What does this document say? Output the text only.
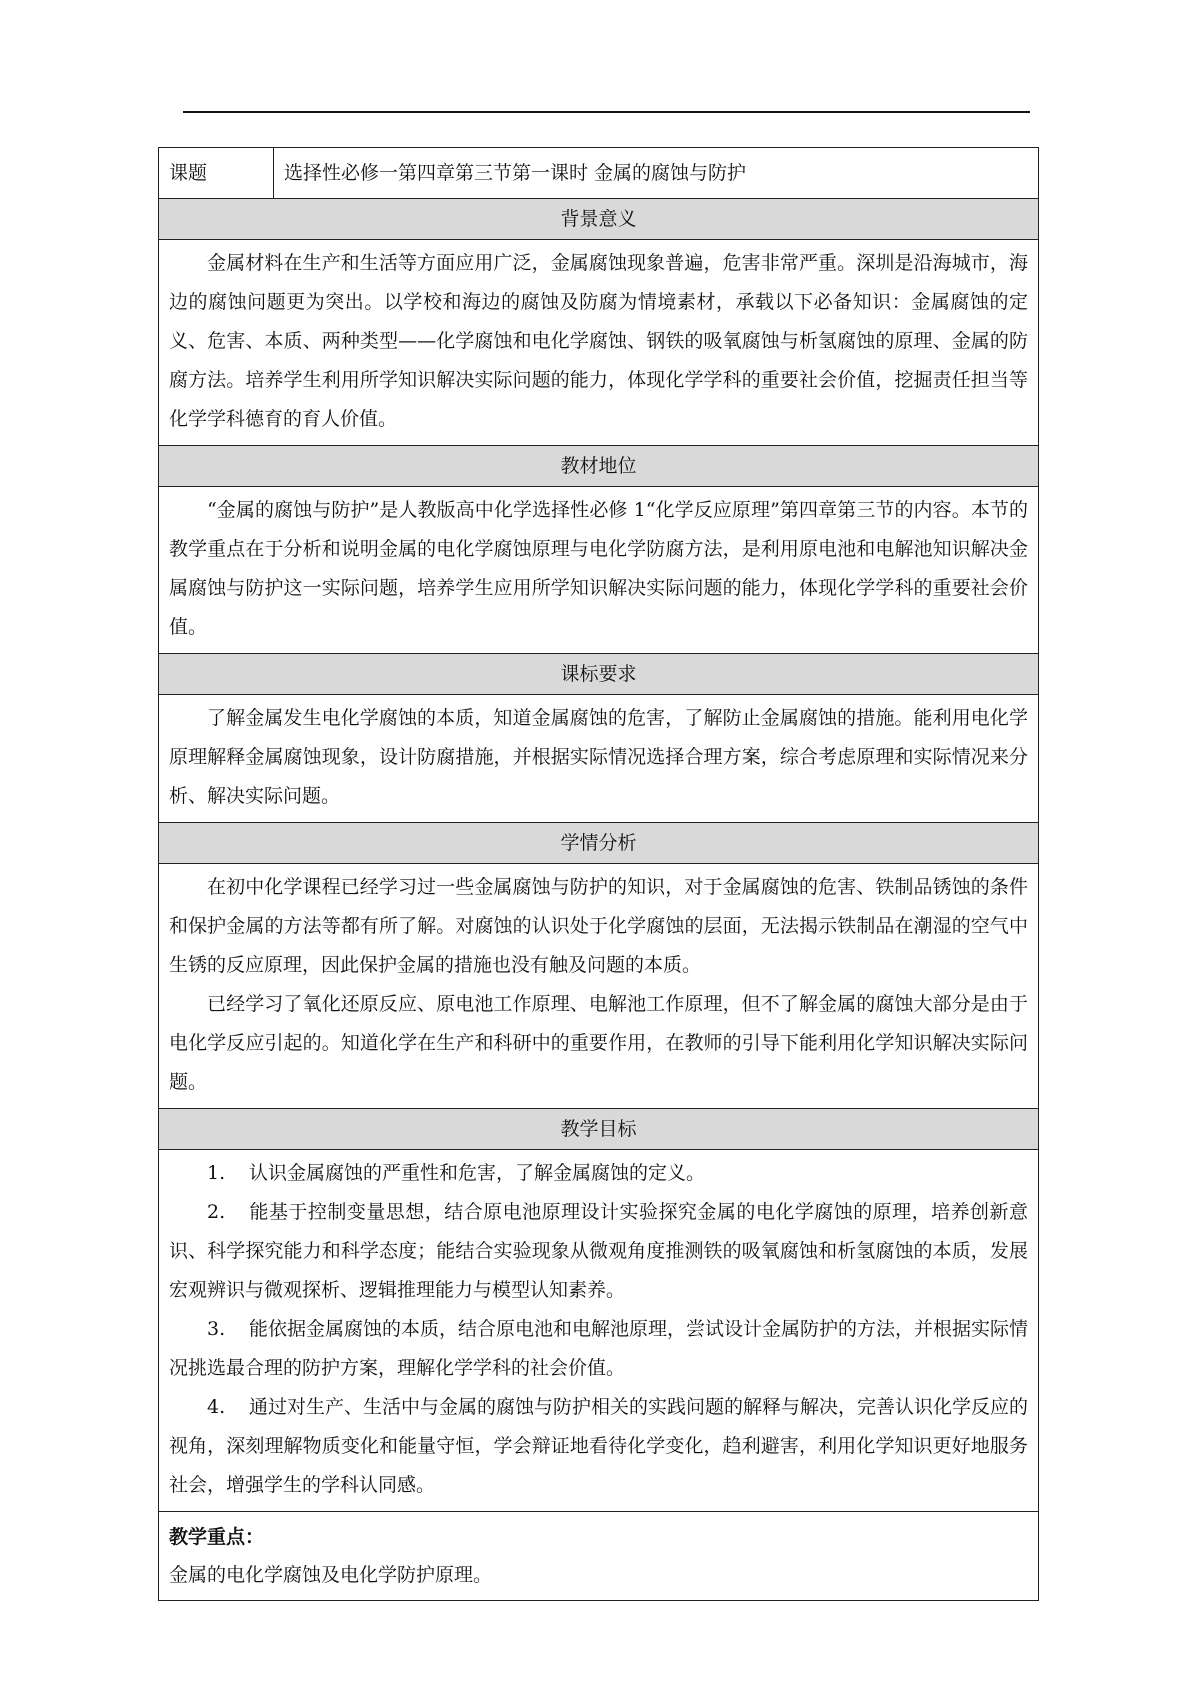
课题	选择性必修一第四章第三节第一课时 金属的腐蚀与防护
背景意义

金属材料在生产和生活等方面应用广泛，金属腐蚀现象普遍，危害非常严重。深圳是沿海城市，海边的腐蚀问题更为突出。以学校和海边的腐蚀及防腐为情境素材，承载以下必备知识：金属腐蚀的定义、危害、本质、两种类型——化学腐蚀和电化学腐蚀、钢铁的吸氧腐蚀与析氢腐蚀的原理、金属的防腐方法。培养学生利用所学知识解决实际问题的能力，体现化学学科的重要社会价值，挖掘责任担当等化学学科德育的育人价值。

教材地位

“金属的腐蚀与防护”是人教版高中化学选择性必修 1“化学反应原理”第四章第三节的内容。本节的教学重点在于分析和说明金属的电化学腐蚀原理与电化学防腐方法，是利用原电池和电解池知识解决金属腐蚀与防护这一实际问题，培养学生应用所学知识解决实际问题的能力，体现化学学科的重要社会价值。

课标要求

了解金属发生电化学腐蚀的本质，知道金属腐蚀的危害，了解防止金属腐蚀的措施。能利用电化学原理解释金属腐蚀现象，设计防腐措施，并根据实际情况选择合理方案，综合考虑原理和实际情况来分析、解决实际问题。

学情分析

在初中化学课程已经学习过一些金属腐蚀与防护的知识，对于金属腐蚀的危害、铁制品锈蚀的条件和保护金属的方法等都有所了解。对腐蚀的认识处于化学腐蚀的层面，无法揭示铁制品在潮湿的空气中生锈的反应原理，因此保护金属的措施也没有触及问题的本质。

已经学习了氧化还原反应、原电池工作原理、电解池工作原理，但不了解金属的腐蚀大部分是由于电化学反应引起的。知道化学在生产和科研中的重要作用，在教师的引导下能利用化学知识解决实际问题。

教学目标

1. 认识金属腐蚀的严重性和危害，了解金属腐蚀的定义。

2. 能基于控制变量思想，结合原电池原理设计实验探究金属的电化学腐蚀的原理，培养创新意识、科学探究能力和科学态度；能结合实验现象从微观角度推测铁的吸氧腐蚀和析氢腐蚀的本质，发展宏观辨识与微观探析、逻辑推理能力与模型认知素养。

3. 能依据金属腐蚀的本质，结合原电池和电解池原理，尝试设计金属防护的方法，并根据实际情况挑选最合理的防护方案，理解化学学科的社会价值。

4. 通过对生产、生活中与金属的腐蚀与防护相关的实践问题的解释与解决，完善认识化学反应的视角，深刻理解物质变化和能量守恒，学会辩证地看待化学变化，趋利避害，利用化学知识更好地服务社会，增强学生的学科认同感。

教学重点：

金属的电化学腐蚀及电化学防护原理。
